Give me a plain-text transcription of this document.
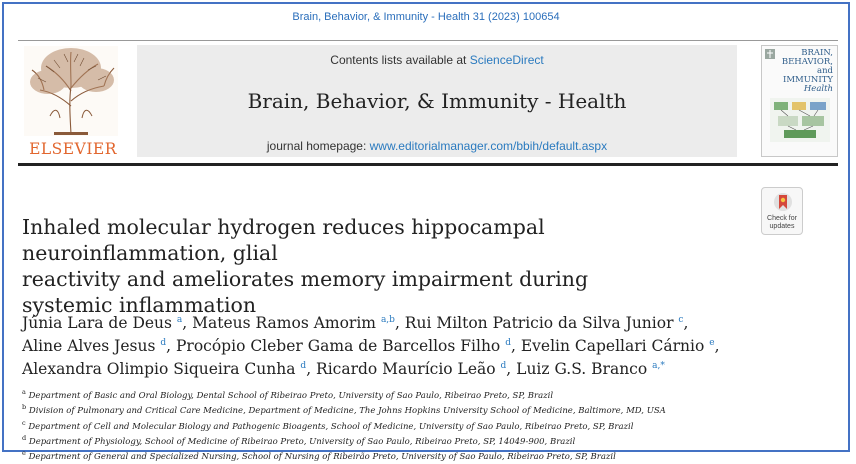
Brain, Behavior, & Immunity - Health 31 (2023) 100654
ELSEVIER
Contents lists available at ScienceDirect
Brain, Behavior, & Immunity - Health
journal homepage: www.editorialmanager.com/bbih/default.aspx
BRAIN,
BEHAVIOR,
and IMMUNITY
Health
Check for
updates
Inhaled molecular hydrogen reduces hippocampal neuroinflammation, glial
reactivity and ameliorates memory impairment during
systemic inflammation
Júnia Lara de Deus $^a$, Mateus Ramos Amorim $^{a,b}$, Rui Milton Patricio da Silva Junior $^c$,
Aline Alves Jesus $^d$, Procópio Cleber Gama de Barcellos Filho $^d$, Evelin Capellari Cárnio $^e$,
Alexandra Olimpio Siqueira Cunha $^d$, Ricardo Maurício Leão $^d$, Luiz G.S. Branco $^{a,*}$
$^a$ Department of Basic and Oral Biology, Dental School of Ribeirao Preto, University of Sao Paulo, Ribeirao Preto, SP, Brazil
$^b$ Division of Pulmonary and Critical Care Medicine, Department of Medicine, The Johns Hopkins University School of Medicine, Baltimore, MD, USA
$^c$ Department of Cell and Molecular Biology and Pathogenic Bioagents, School of Medicine, University of Sao Paulo, Ribeirao Preto, SP, Brazil
$^d$ Department of Physiology, School of Medicine of Ribeirao Preto, University of Sao Paulo, Ribeirao Preto, SP, 14049-900, Brazil
$^e$ Department of General and Specialized Nursing, School of Nursing of Ribeirão Preto, University of Sao Paulo, Ribeirao Preto, SP, Brazil
